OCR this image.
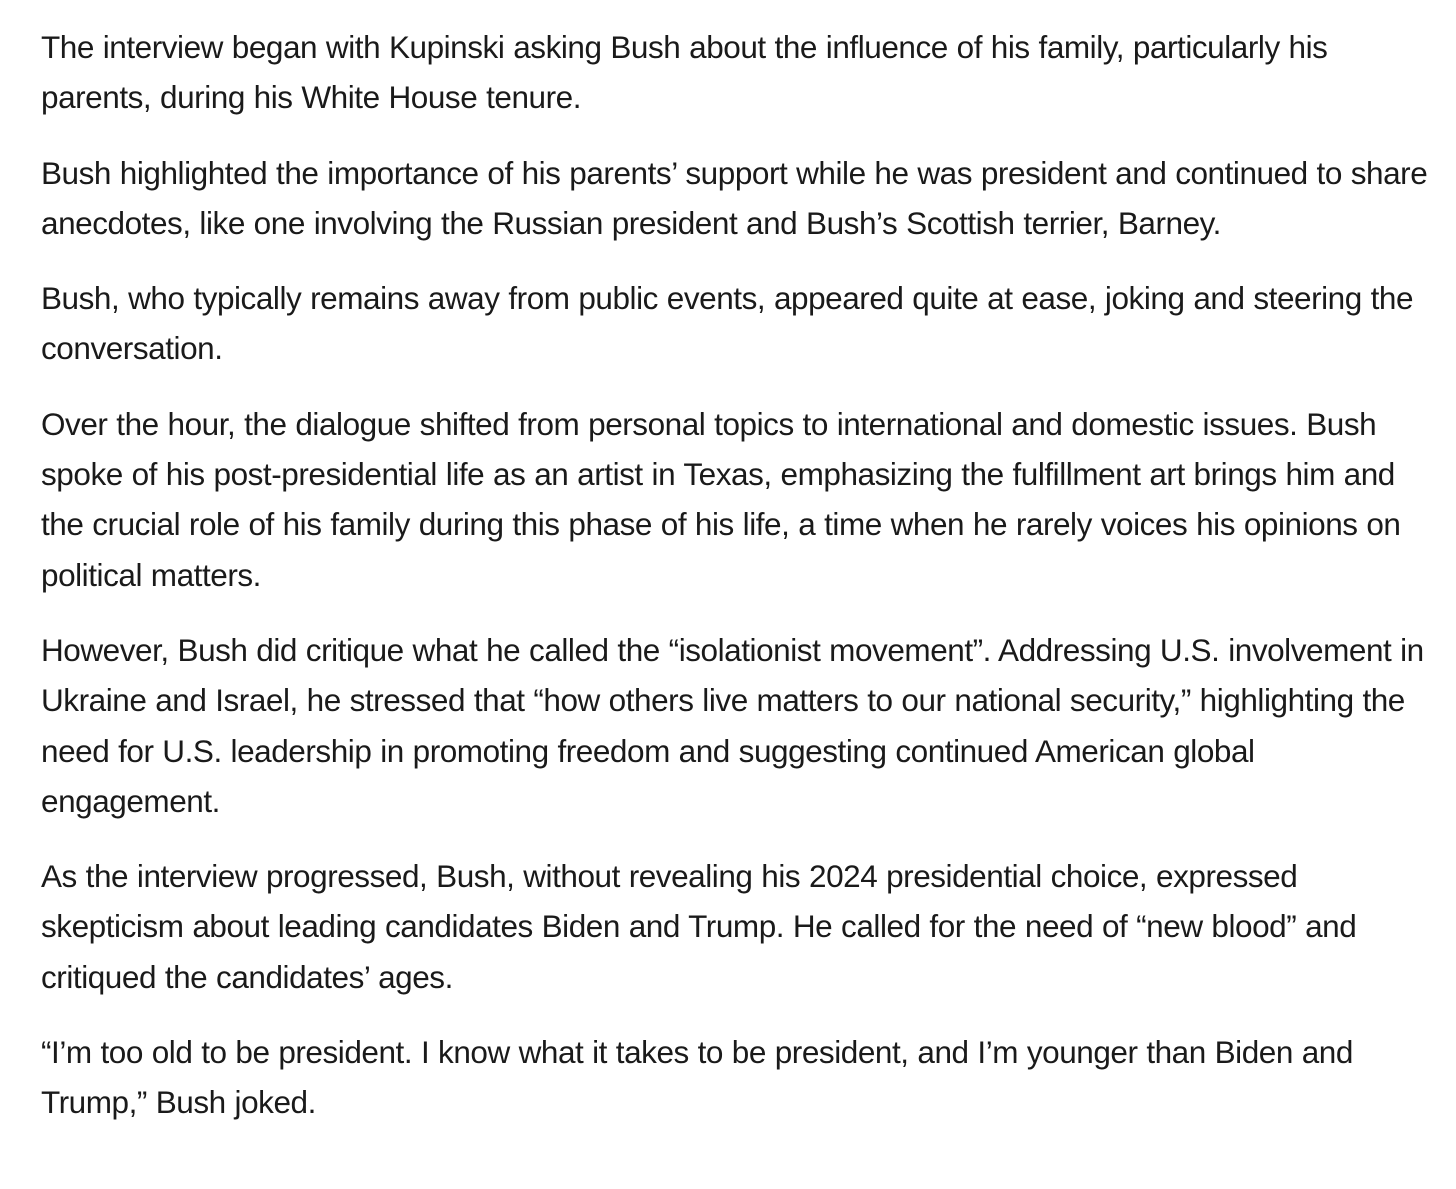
The interview began with Kupinski asking Bush about the influence of his family, particularly his parents, during his White House tenure.

Bush highlighted the importance of his parents’ support while he was president and continued to share anecdotes, like one involving the Russian president and Bush’s Scottish terrier, Barney.

Bush, who typically remains away from public events, appeared quite at ease, joking and steering the conversation.

Over the hour, the dialogue shifted from personal topics to international and domestic issues. Bush spoke of his post-presidential life as an artist in Texas, emphasizing the fulfillment art brings him and the crucial role of his family during this phase of his life, a time when he rarely voices his opinions on political matters.

However, Bush did critique what he called the “isolationist movement”. Addressing U.S. involvement in Ukraine and Israel, he stressed that “how others live matters to our national security,” highlighting the need for U.S. leadership in promoting freedom and suggesting continued American global engagement.

As the interview progressed, Bush, without revealing his 2024 presidential choice, expressed skepticism about leading candidates Biden and Trump. He called for the need of “new blood” and critiqued the candidates’ ages.

“I’m too old to be president. I know what it takes to be president, and I’m younger than Biden and Trump,” Bush joked.
